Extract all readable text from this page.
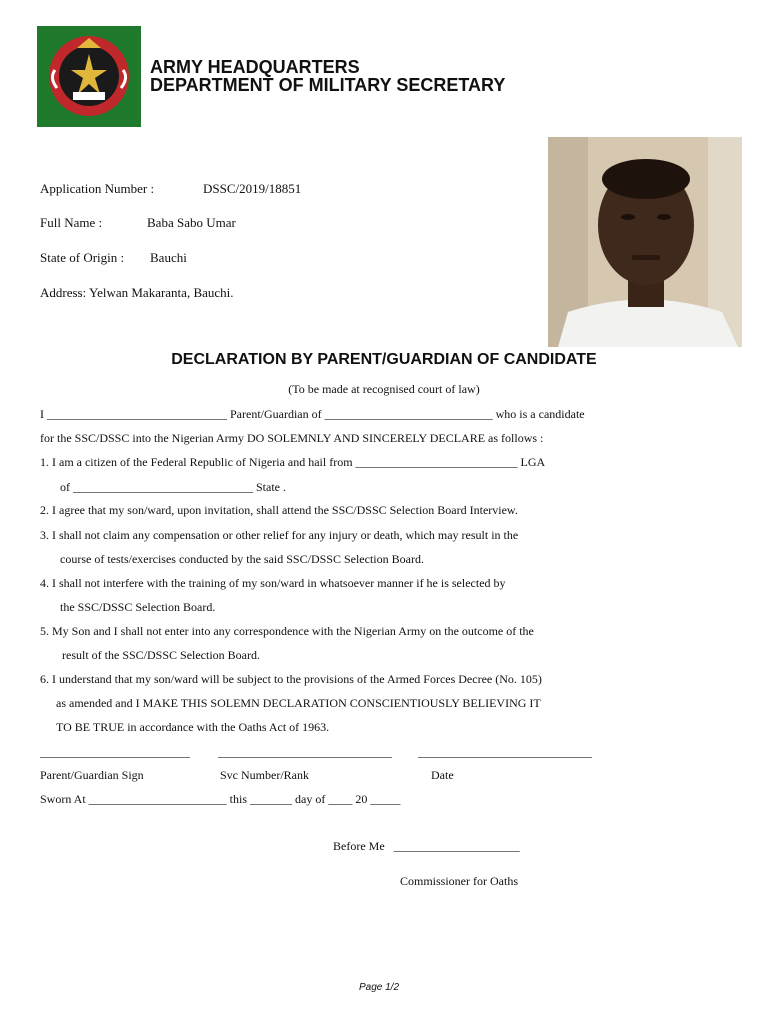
ARMY HEADQUARTERS
DEPARTMENT OF MILITARY SECRETARY
Application Number :	DSSC/2019/18851
Full Name :	Baba Sabo Umar
State of Origin : Bauchi
Address: Yelwan Makaranta, Bauchi.
DECLARATION BY PARENT/GUARDIAN OF CANDIDATE
(To be made at recognised court of law)
I ______________________________ Parent/Guardian of ____________________________ who is a candidate
for the SSC/DSSC into the Nigerian Army DO SOLEMNLY AND SINCERELY DECLARE as follows :
1. I am a citizen of the Federal Republic of Nigeria and hail from ___________________________ LGA
of ______________________________ State .
2. I agree that my son/ward, upon invitation, shall attend the SSC/DSSC Selection Board Interview.
3. I shall not claim any compensation or other relief for any injury or death, which may result in the
course of tests/exercises conducted by the said SSC/DSSC Selection Board.
4. I shall not interfere with the training of my son/ward in whatsoever manner if he is selected by
the SSC/DSSC Selection Board.
5. My Son and I shall not enter into any correspondence with the Nigerian Army on the outcome of the
result of the SSC/DSSC Selection Board.
6. I understand that my son/ward will be subject to the provisions of the Armed Forces Decree (No. 105)
as amended and I MAKE THIS SOLEMN DECLARATION CONSCIENTIOUSLY BELIEVING IT
TO BE TRUE in accordance with the Oaths Act of 1963.
_________________________ _____________________________ _____________________________
Parent/Guardian Sign	Svc Number/Rank	Date
Sworn At _______________________ this _______ day of ____ 20 _____
Before Me   _____________________
Commissioner for Oaths
Page 1/2
